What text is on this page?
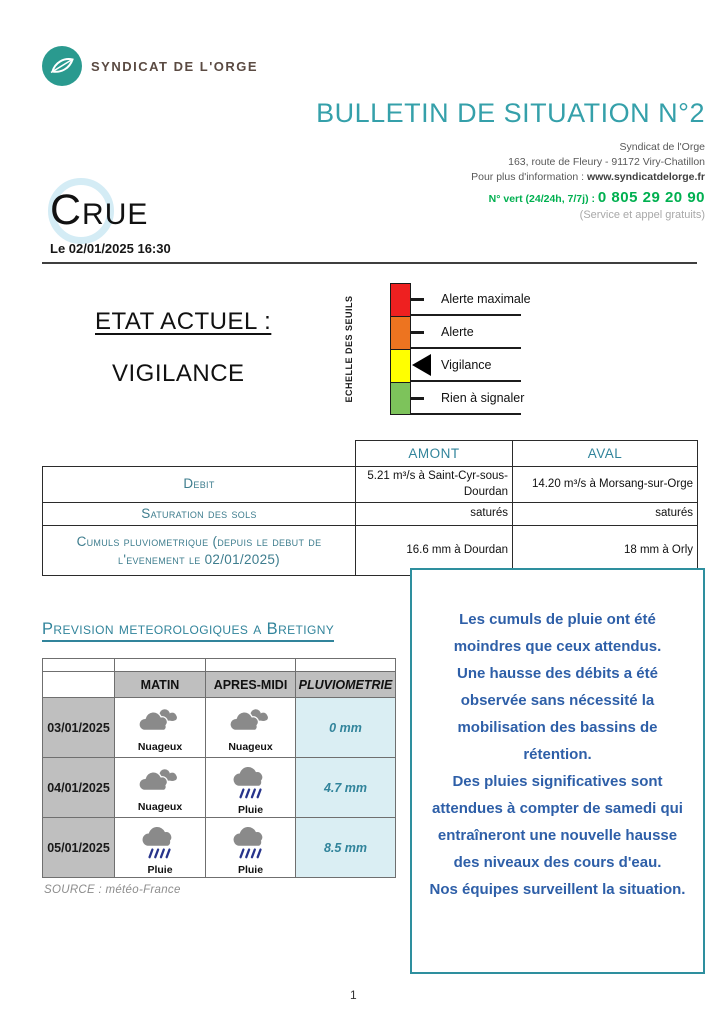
SYNDICAT DE L'ORGE
BULLETIN DE SITUATION N°2
Syndicat de l'Orge
163, route de Fleury - 91172 Viry-Chatillon
Pour plus d'information : www.syndicatdelorge.fr
N° vert (24/24h, 7/7j) : 0 805 29 20 90
(Service et appel gratuits)
Crue
Le 02/01/2025 16:30
ETAT ACTUEL :
VIGILANCE	ECHELLE DES SEUILS	Alerte maximale
Alerte
Vigilance
Rien à signaler
	AMONT	AVAL
Debit	5.21 m³/s à Saint-Cyr-sous-Dourdan	14.20 m³/s à Morsang-sur-Orge
Saturation des sols	saturés	saturés
Cumuls pluviometrique (depuis le debut de l'evenement le 02/01/2025)	16.6 mm à Dourdan	18 mm à Orly
Prevision meteorologiques a Bretigny

	MATIN	APRES-MIDI	PLUVIOMETRIE
03/01/2025	Nuageux	Nuageux	0 mm
04/01/2025	Nuageux	Pluie	4.7 mm
05/01/2025	Pluie	Pluie	8.5 mm
SOURCE : météo-France

Les cumuls de pluie ont été moindres que ceux attendus.

Une hausse des débits a été observée sans nécessité la mobilisation des bassins de rétention.

Des pluies significatives sont attendues à compter de samedi qui entraîneront une nouvelle hausse des niveaux des cours d'eau.

Nos équipes surveillent la situation.

1
